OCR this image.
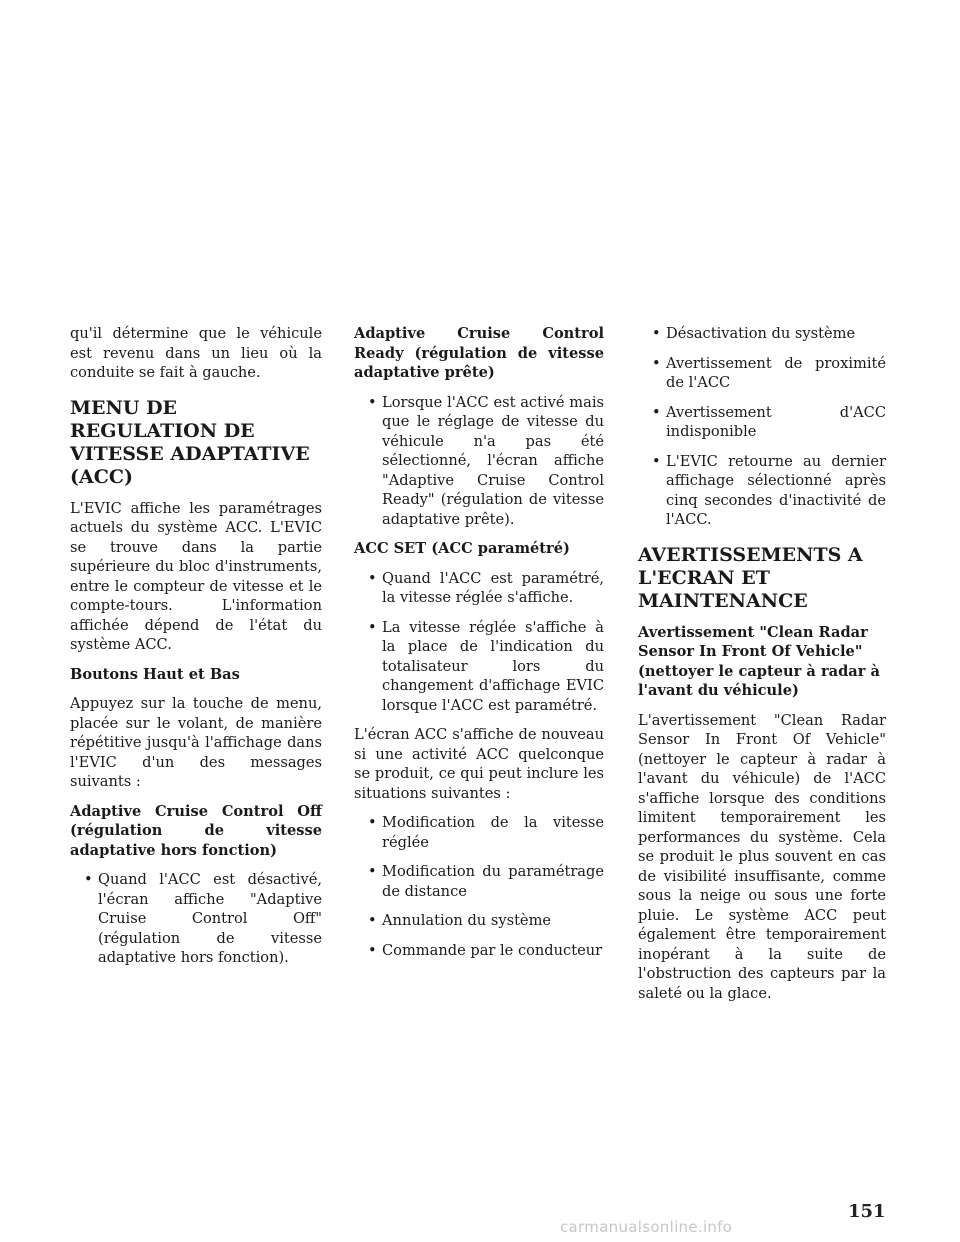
qu'il détermine que le véhicule est revenu dans un lieu où la conduite se fait à gauche.

MENU DE REGULATION DE VITESSE ADAPTATIVE (ACC)

L'EVIC affiche les paramétrages actuels du système ACC. L'EVIC se trouve dans la partie supérieure du bloc d'instruments, entre le compteur de vitesse et le compte-tours. L'information affichée dépend de l'état du système ACC.

Boutons Haut et Bas

Appuyez sur la touche de menu, placée sur le volant, de manière répétitive jusqu'à l'affichage dans l'EVIC d'un des messages suivants :

Adaptive Cruise Control Off (régulation de vitesse adaptative hors fonction)
• Quand l'ACC est désactivé, l'écran affiche "Adaptive Cruise Control Off" (régulation de vitesse adaptative hors fonction).
Adaptive Cruise Control Ready (régulation de vitesse adaptative prête)
• Lorsque l'ACC est activé mais que le réglage de vitesse du véhicule n'a pas été sélectionné, l'écran affiche "Adaptive Cruise Control Ready" (régulation de vitesse adaptative prête).
ACC SET (ACC paramétré)
• Quand l'ACC est paramétré, la vitesse réglée s'affiche.
• La vitesse réglée s'affiche à la place de l'indication du totalisateur lors du changement d'affichage EVIC lorsque l'ACC est paramétré.

L'écran ACC s'affiche de nouveau si une activité ACC quelconque se produit, ce qui peut inclure les situations suivantes :

• Modification de la vitesse réglée
• Modification du paramétrage de distance
• Annulation du système
• Commande par le conducteur
• Désactivation du système
• Avertissement de proximité de l'ACC
• Avertissement d'ACC indisponible
• L'EVIC retourne au dernier affichage sélectionné après cinq secondes d'inactivité de l'ACC.
AVERTISSEMENTS A L'ECRAN ET MAINTENANCE
Avertissement "Clean Radar Sensor In Front Of Vehicle" (nettoyer le capteur à radar à l'avant du véhicule)

L'avertissement "Clean Radar Sensor In Front Of Vehicle" (nettoyer le capteur à radar à l'avant du véhicule) de l'ACC s'affiche lorsque des conditions limitent temporairement les performances du système. Cela se produit le plus souvent en cas de visibilité insuffisante, comme sous la neige ou sous une forte pluie. Le système ACC peut également être temporairement inopérant à la suite de l'obstruction des capteurs par la saleté ou la glace.

151
carmanualsonline.info
